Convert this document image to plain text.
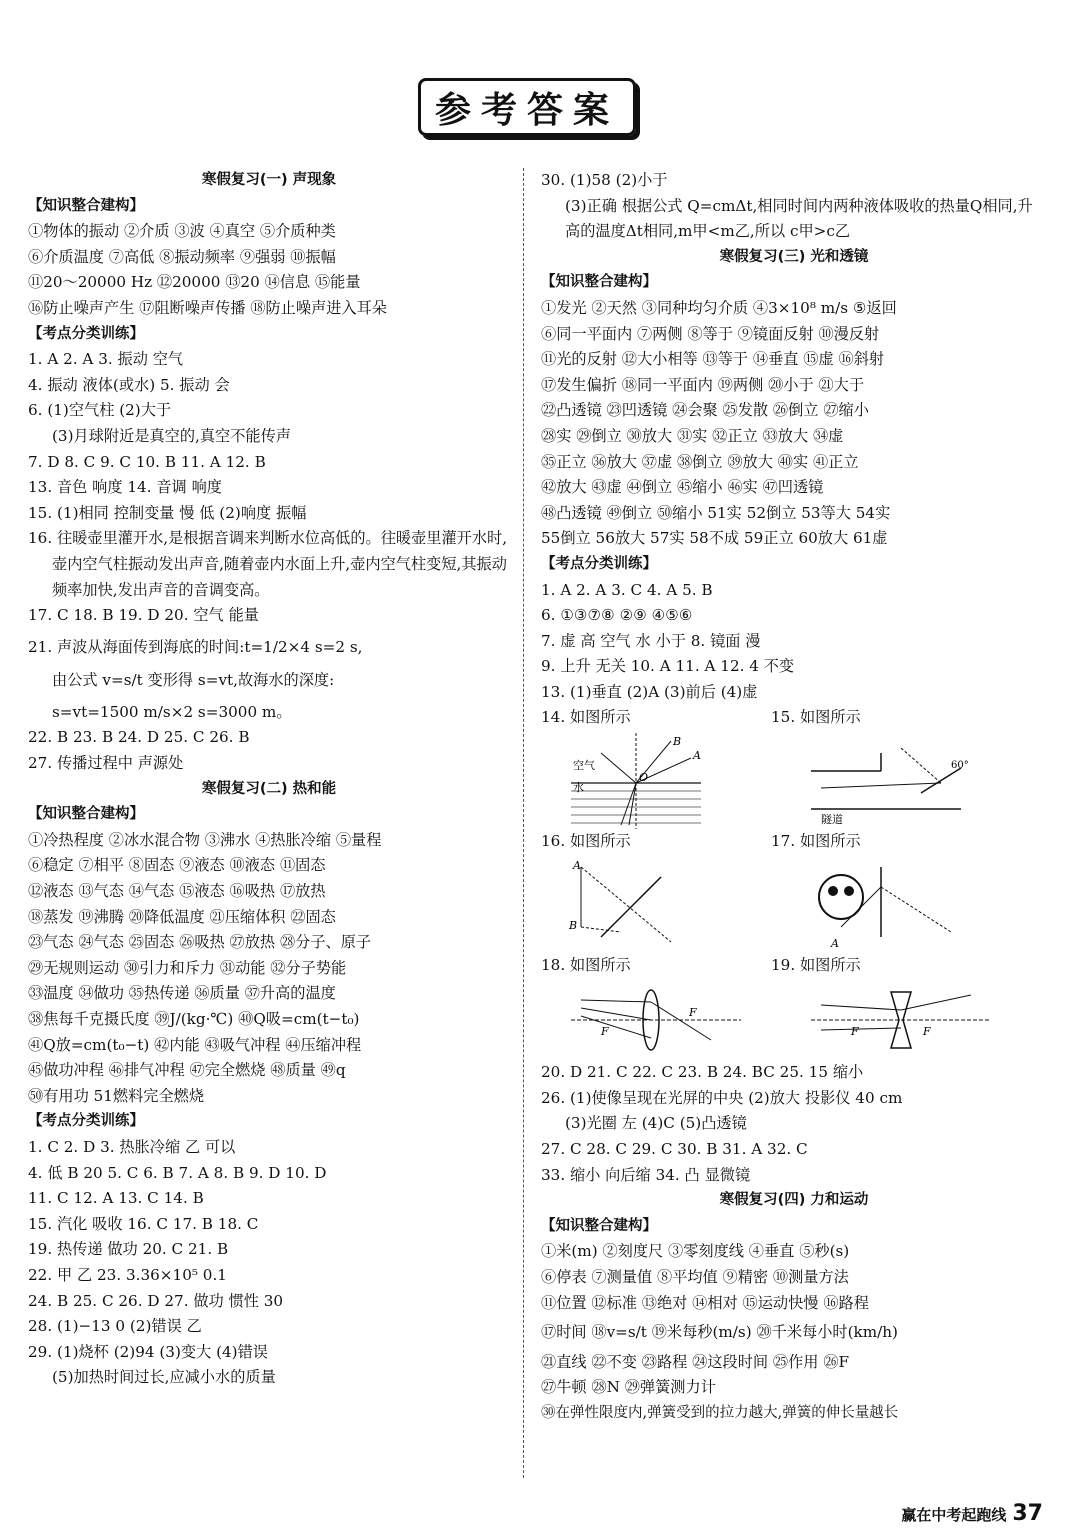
参考答案
寒假复习(一) 声现象
【知识整合建构】
①物体的振动 ②介质 ③波 ④真空 ⑤介质种类
⑥介质温度 ⑦高低 ⑧振动频率 ⑨强弱 ⑩振幅
⑪20～20000 Hz ⑫20000 ⑬20 ⑭信息 ⑮能量
⑯防止噪声产生 ⑰阻断噪声传播 ⑱防止噪声进入耳朵
【考点分类训练】
1. A 2. A 3. 振动 空气
4. 振动 液体(或水) 5. 振动 会
6. (1)空气柱 (2)大于
(3)月球附近是真空的,真空不能传声
7. D 8. C 9. C 10. B 11. A 12. B
13. 音色 响度 14. 音调 响度
15. (1)相同 控制变量 慢 低 (2)响度 振幅
16. 往暖壶里灌开水,是根据音调来判断水位高低的。往暖壶里灌开水时,壶内空气柱振动发出声音,随着壶内水面上升,壶内空气柱变短,其振动频率加快,发出声音的音调变高。
17. C 18. B 19. D 20. 空气 能量
21. 声波从海面传到海底的时间:t=1/2×4 s=2 s,
由公式 v=s/t 变形得 s=vt,故海水的深度:
s=vt=1500 m/s×2 s=3000 m。
22. B 23. B 24. D 25. C 26. B
27. 传播过程中 声源处
寒假复习(二) 热和能
【知识整合建构】
①冷热程度 ②冰水混合物 ③沸水 ④热胀冷缩 ⑤量程
⑥稳定 ⑦相平 ⑧固态 ⑨液态 ⑩液态 ⑪固态
⑫液态 ⑬气态 ⑭气态 ⑮液态 ⑯吸热 ⑰放热
⑱蒸发 ⑲沸腾 ⑳降低温度 ㉑压缩体积 ㉒固态
㉓气态 ㉔气态 ㉕固态 ㉖吸热 ㉗放热 ㉘分子、原子
㉙无规则运动 ㉚引力和斥力 ㉛动能 ㉜分子势能
㉝温度 ㉞做功 ㉟热传递 ㊱质量 ㊲升高的温度
㊳焦每千克摄氏度 ㊴J/(kg·℃) ㊵Q吸=cm(t−t₀)
㊶Q放=cm(t₀−t) ㊷内能 ㊸吸气冲程 ㊹压缩冲程
㊺做功冲程 ㊻排气冲程 ㊼完全燃烧 ㊽质量 ㊾q
㊿有用功 51燃料完全燃烧
【考点分类训练】
1. C 2. D 3. 热胀冷缩 乙 可以
4. 低 B 20 5. C 6. B 7. A 8. B 9. D 10. D
11. C 12. A 13. C 14. B
15. 汽化 吸收 16. C 17. B 18. C
19. 热传递 做功 20. C 21. B
22. 甲 乙 23. 3.36×10⁵ 0.1
24. B 25. C 26. D 27. 做功 惯性 30
28. (1)−13 0 (2)错误 乙
29. (1)烧杯 (2)94 (3)变大 (4)错误
(5)加热时间过长,应减小水的质量
30. (1)58 (2)小于
(3)正确 根据公式 Q=cmΔt,相同时间内两种液体吸收的热量Q相同,升高的温度Δt相同,m甲<m乙,所以 c甲>c乙
寒假复习(三) 光和透镜
【知识整合建构】
①发光 ②天然 ③同种均匀介质 ④3×10⁸ m/s ⑤返回
⑥同一平面内 ⑦两侧 ⑧等于 ⑨镜面反射 ⑩漫反射
⑪光的反射 ⑫大小相等 ⑬等于 ⑭垂直 ⑮虚 ⑯斜射
⑰发生偏折 ⑱同一平面内 ⑲两侧 ⑳小于 ㉑大于
㉒凸透镜 ㉓凹透镜 ㉔会聚 ㉕发散 ㉖倒立 ㉗缩小
㉘实 ㉙倒立 ㉚放大 ㉛实 ㉜正立 ㉝放大 ㉞虚
㉟正立 ㊱放大 ㊲虚 ㊳倒立 ㊴放大 ㊵实 ㊶正立
㊷放大 ㊸虚 ㊹倒立 ㊺缩小 ㊻实 ㊼凹透镜
㊽凸透镜 ㊾倒立 ㊿缩小 51实 52倒立 53等大 54实
55倒立 56放大 57实 58不成 59正立 60放大 61虚
【考点分类训练】
1. A 2. A 3. C 4. A 5. B
6. ①③⑦⑧ ②⑨ ④⑤⑥
7. 虚 高 空气 水 小于 8. 镜面 漫
9. 上升 无关 10. A 11. A 12. 4 不变
13. (1)垂直 (2)A (3)前后 (4)虚
14. 如图所示	15. 如图所示
空气
水
B
A
O
隧道
60°
16. 如图所示	17. 如图所示
A
B
A
18. 如图所示	19. 如图所示
F
F
F	F
20. D 21. C 22. C 23. B 24. BC 25. 15 缩小
26. (1)使像呈现在光屏的中央 (2)放大 投影仪 40 cm
(3)光圈 左 (4)C (5)凸透镜
27. C 28. C 29. C 30. B 31. A 32. C
33. 缩小 向后缩 34. 凸 显微镜
寒假复习(四) 力和运动
【知识整合建构】
①米(m) ②刻度尺 ③零刻度线 ④垂直 ⑤秒(s)
⑥停表 ⑦测量值 ⑧平均值 ⑨精密 ⑩测量方法
⑪位置 ⑫标准 ⑬绝对 ⑭相对 ⑮运动快慢 ⑯路程
⑰时间 ⑱v=s/t ⑲米每秒(m/s) ⑳千米每小时(km/h)
㉑直线 ㉒不变 ㉓路程 ㉔这段时间 ㉕作用 ㉖F
㉗牛顿 ㉘N ㉙弹簧测力计
㉚在弹性限度内,弹簧受到的拉力越大,弹簧的伸长量越长
赢在中考起跑线 37
